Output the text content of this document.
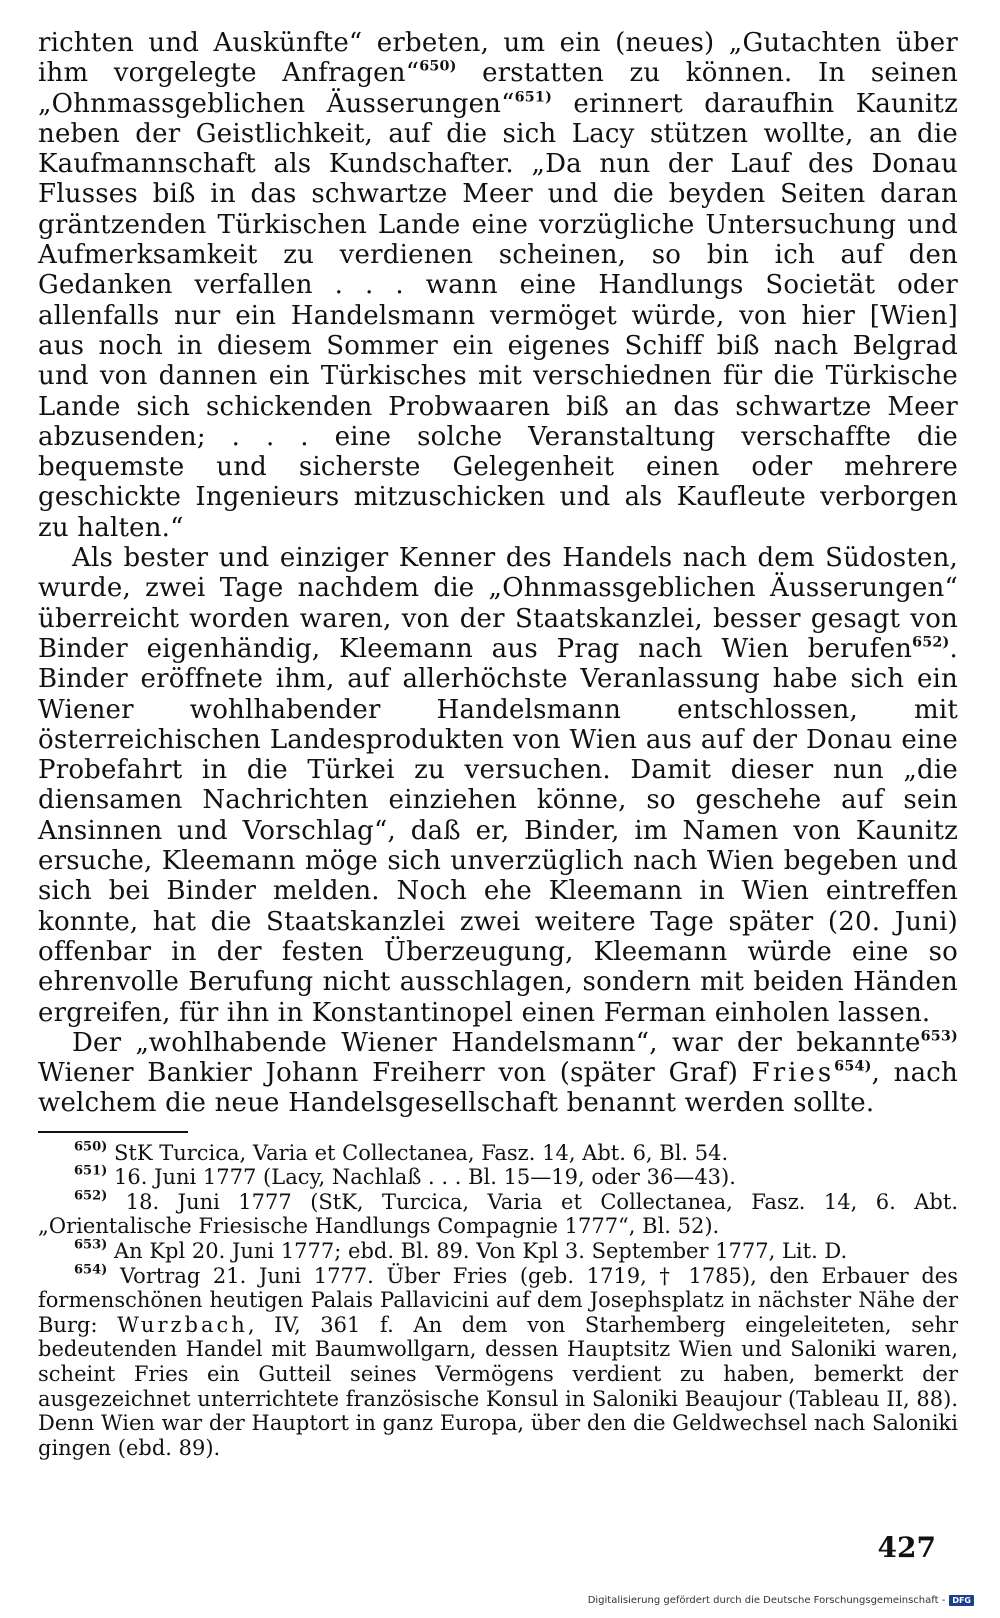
richten und Auskünfte“ erbeten, um ein (neues) „Gutachten über ihm vorgelegte Anfragen“$^{650)}$ erstatten zu können. In seinen „Ohnmassgeblichen Äusserungen“$^{651)}$ erinnert daraufhin Kaunitz neben der Geistlichkeit, auf die sich Lacy stützen wollte, an die Kaufmannschaft als Kundschafter. „Da nun der Lauf des Donau Flusses biß in das schwartze Meer und die beyden Seiten daran gräntzenden Türkischen Lande eine vorzügliche Untersuchung und Aufmerksamkeit zu verdienen scheinen, so bin ich auf den Gedanken verfallen . . . wann eine Handlungs Societät oder allenfalls nur ein Handelsmann vermöget würde, von hier [Wien] aus noch in diesem Sommer ein eigenes Schiff biß nach Belgrad und von dannen ein Türkisches mit verschiednen für die Türkische Lande sich schickenden Probwaaren biß an das schwartze Meer abzusenden; . . . eine solche Veranstaltung verschaffte die bequemste und sicherste Gelegenheit einen oder mehrere geschickte Ingenieurs mitzuschicken und als Kaufleute verborgen zu halten.“

Als bester und einziger Kenner des Handels nach dem Südosten, wurde, zwei Tage nachdem die „Ohnmassgeblichen Äusserungen“ überreicht worden waren, von der Staatskanzlei, besser gesagt von Binder eigenhändig, Kleemann aus Prag nach Wien berufen$^{652)}$. Binder eröffnete ihm, auf allerhöchste Veranlassung habe sich ein Wiener wohlhabender Handelsmann entschlossen, mit österreichischen Landesprodukten von Wien aus auf der Donau eine Probefahrt in die Türkei zu versuchen. Damit dieser nun „die diensamen Nachrichten einziehen könne, so geschehe auf sein Ansinnen und Vorschlag“, daß er, Binder, im Namen von Kaunitz ersuche, Kleemann möge sich unverzüglich nach Wien begeben und sich bei Binder melden. Noch ehe Kleemann in Wien eintreffen konnte, hat die Staatskanzlei zwei weitere Tage später (20. Juni) offenbar in der festen Überzeugung, Kleemann würde eine so ehrenvolle Berufung nicht ausschlagen, sondern mit beiden Händen ergreifen, für ihn in Konstantinopel einen Ferman einholen lassen.

Der „wohlhabende Wiener Handelsmann“, war der bekannte$^{653)}$ Wiener Bankier Johann Freiherr von (später Graf) Fries$^{654)}$, nach welchem die neue Handelsgesellschaft benannt werden sollte.

$^{650)}$ StK Turcica, Varia et Collectanea, Fasz. 14, Abt. 6, Bl. 54.

$^{651)}$ 16. Juni 1777 (Lacy, Nachlaß . . . Bl. 15—19, oder 36—43).

$^{652)}$ 18. Juni 1777 (StK, Turcica, Varia et Collectanea, Fasz. 14, 6. Abt. „Orientalische Friesische Handlungs Compagnie 1777“, Bl. 52).

$^{653)}$ An Kpl 20. Juni 1777; ebd. Bl. 89. Von Kpl 3. September 1777, Lit. D.

$^{654)}$ Vortrag 21. Juni 1777. Über Fries (geb. 1719, † 1785), den Erbauer des formenschönen heutigen Palais Pallavicini auf dem Josephsplatz in nächster Nähe der Burg: Wurzbach, IV, 361 f. An dem von Starhemberg eingeleiteten, sehr bedeutenden Handel mit Baumwollgarn, dessen Hauptsitz Wien und Saloniki waren, scheint Fries ein Gutteil seines Vermögens verdient zu haben, bemerkt der ausgezeichnet unterrichtete französische Konsul in Saloniki Beaujour (Tableau II, 88). Denn Wien war der Hauptort in ganz Europa, über den die Geldwechsel nach Saloniki gingen (ebd. 89).

427
Digitalisierung gefördert durch die Deutsche Forschungsgemeinschaft - DFG
